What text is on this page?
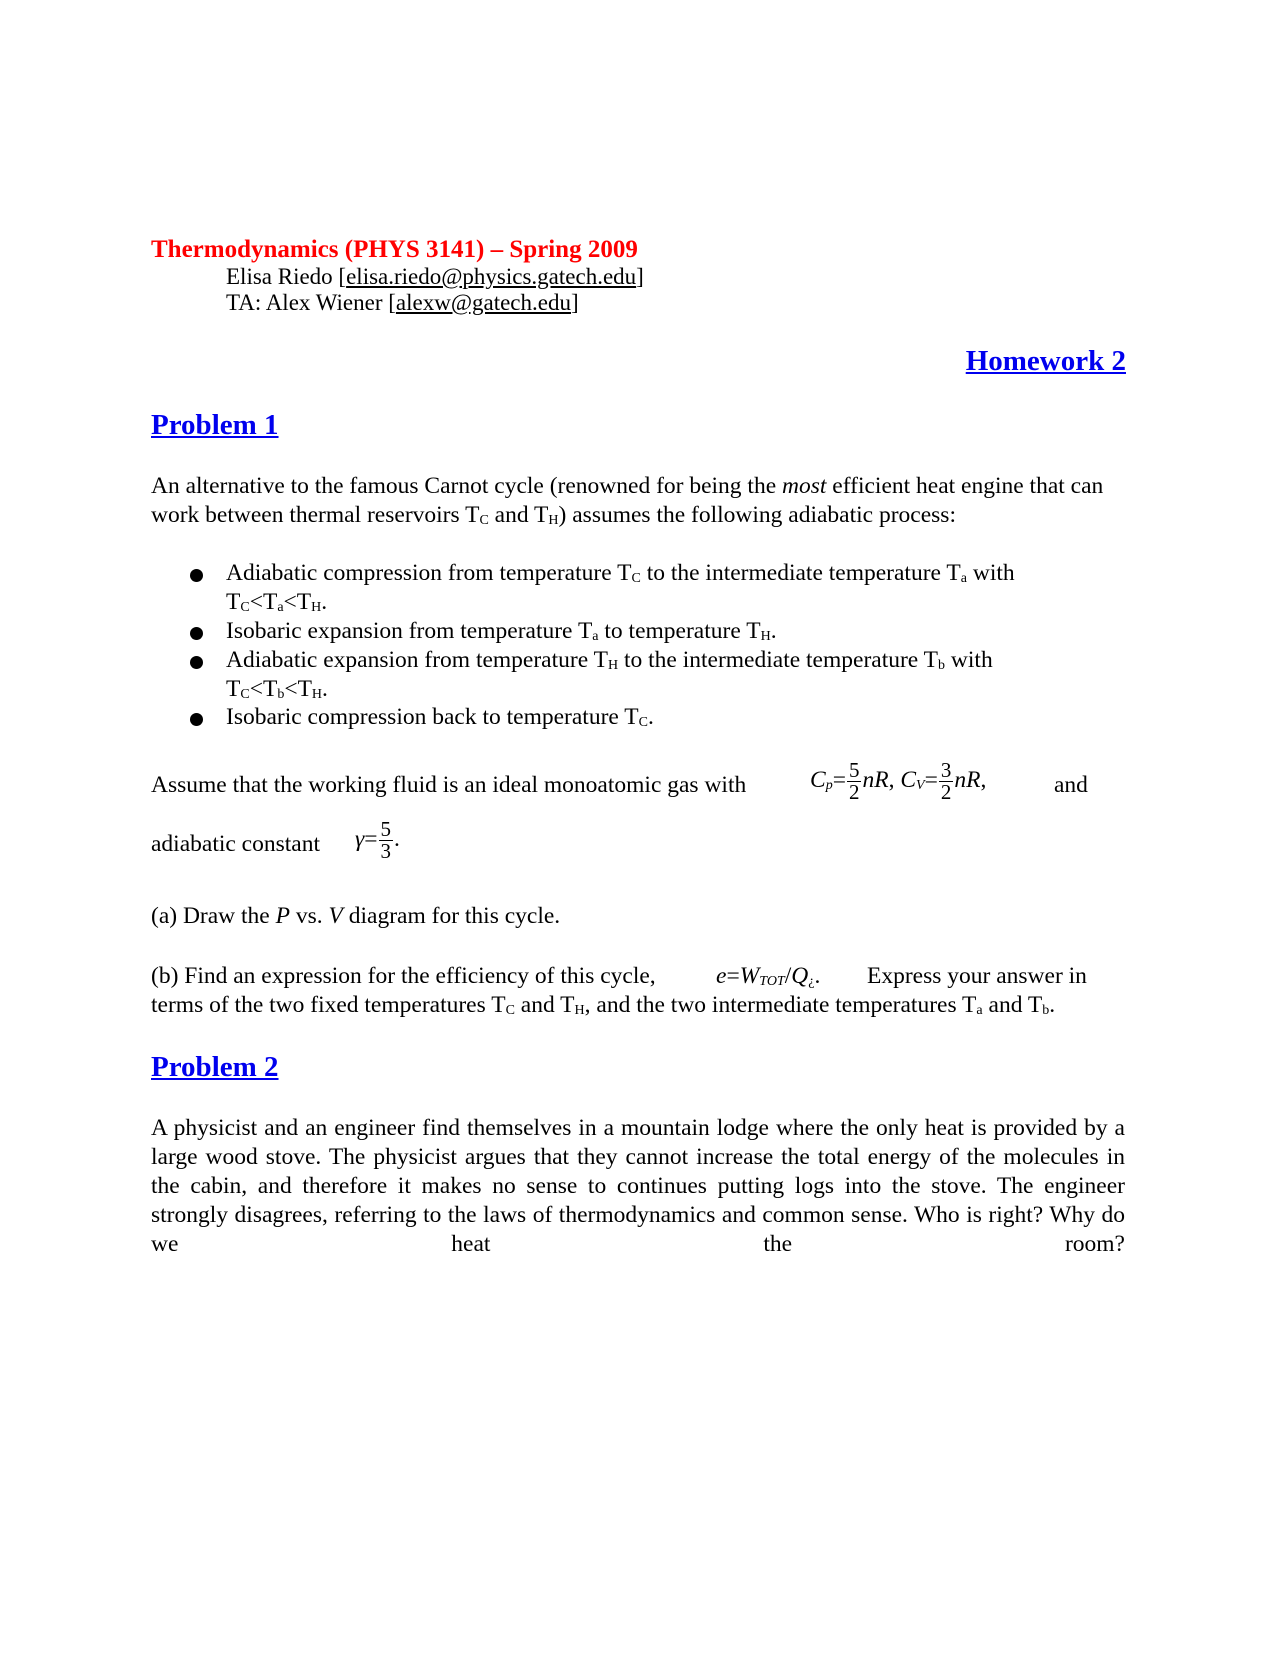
Thermodynamics (PHYS 3141) – Spring 2009
Elisa Riedo [elisa.riedo@physics.gatech.edu]
TA: Alex Wiener [alexw@gatech.edu]
Homework 2
Problem 1
An alternative to the famous Carnot cycle (renowned for being the most efficient heat engine that can work between thermal reservoirs $T_C$ and $T_H$) assumes the following adiabatic process:
Adiabatic compression from temperature $T_C$ to the intermediate temperature $T_a$ with
$T_C<T_a<T_H$.
Isobaric expansion from temperature $T_a$ to temperature $T_H$.
Adiabatic expansion from temperature $T_H$ to the intermediate temperature $T_b$ with
$T_C<T_b<T_H$.
Isobaric compression back to temperature $T_C$.
Assume that the working fluid is an ideal monoatomic gas with	$C_p= \frac{5}{2}$ nR, $C_V= \frac{3}{2}$ nR,	and
adiabatic constant $\gamma= \frac{5}{3}$ .
(a) Draw the P vs. V diagram for this cycle.
(b) Find an expression for the efficiency of this cycle,	$e=W_{TOT}/Q_¿$. Express your answer in
terms of the two fixed temperatures $T_C$ and $T_H$, and the two intermediate temperatures $T_a$ and $T_b$.
Problem 2
A physicist and an engineer find themselves in a mountain lodge where the only heat is provided by a large wood stove. The physicist argues that they cannot increase the total energy of the molecules in the cabin, and therefore it makes no sense to continues putting logs into the stove. The engineer strongly disagrees, referring to the laws of thermodynamics and common sense. Who is right? Why do we heat the room?
